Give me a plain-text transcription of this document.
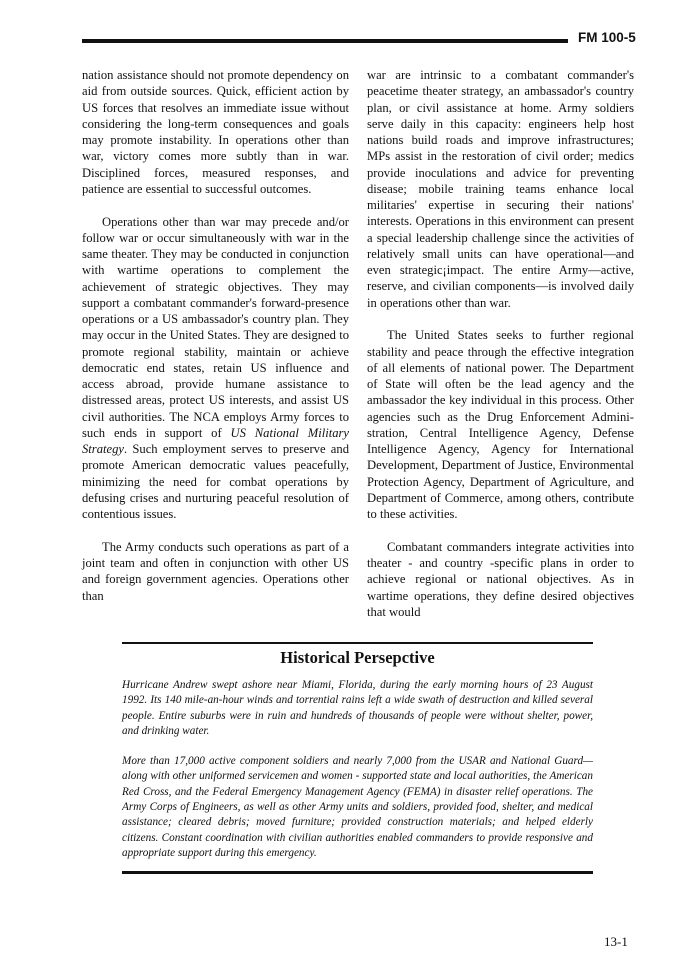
FM 100-5

nation assistance should not promote dependency on aid from outside sources. Quick, efficient action by US forces that resolves an immediate issue without considering the long-term consequences and goals may promote instability. In operations other than war, victory comes more subtly than in war. Disciplined forces, measured responses, and patience are essential to successful outcomes.

Operations other than war may precede and/or follow war or occur simultaneously with war in the same theater. They may be conducted in conjunction with wartime operations to complement the achievement of strategic objectives. They may support a combatant commander's forward-presence operations or a US ambassador's country plan. They may occur in the United States. They are designed to promote regional stability, maintain or achieve democratic end states, retain US influence and access abroad, provide humane assistance to distressed areas, protect US interests, and assist US civil authorities. The NCA employs Army forces to such ends in support of US National Military Strategy. Such employment serves to preserve and promote American democratic values peacefully, minimizing the need for combat operations by defusing crises and nurturing peaceful resolution of contentious issues.

The Army conducts such operations as part of a joint team and often in conjunction with other US and foreign government agencies. Operations other than

war are intrinsic to a combatant commander's peacetime theater strategy, an ambassador's country plan, or civil assistance at home. Army soldiers serve daily in this capacity: engineers help host nations build roads and improve infrastructures; MPs assist in the restoration of civil order; medics provide inoculations and advice for preventing disease; mobile training teams enhance local militaries' expertise in securing their nations' interests. Operations in this environment can present a special leadership challenge since the activities of relatively small units can have operational—and even strategic¡impact. The entire Army—active, reserve, and civilian components—is involved daily in operations other than war.

The United States seeks to further regional stability and peace through the effective integration of all elements of national power. The Department of State will often be the lead agency and the ambassador the key individual in this process. Other agencies such as the Drug Enforcement Admini-stration, Central Intelligence Agency, Defense Intelligence Agency, Agency for International Development, Department of Justice, Environmental Protection Agency, Department of Agriculture, and Department of Commerce, among others, contribute to these activities.

Combatant commanders integrate activities into theater - and country -specific plans in order to achieve regional or national objectives. As in wartime operations, they define desired objectives that would

Historical Persepctive

Hurricane Andrew swept ashore near Miami, Florida, during the early morning hours of 23 August 1992. Its 140 mile-an-hour winds and torrential rains left a wide swath of destruction and killed several people. Entire suburbs were in ruin and hundreds of thousands of people were without shelter, power, and drinking water.

More than 17,000 active component soldiers and nearly 7,000 from the USAR and National Guard—along with other uniformed servicemen and women - supported state and local authorities, the American Red Cross, and the Federal Emergency Management Agency (FEMA) in disaster relief operations. The Army Corps of Engineers, as well as other Army units and soldiers, provided food, shelter, and medical assistance; cleared debris; moved furniture; provided construction materials; and helped elderly citizens. Constant coordination with civilian authorities enabled commanders to provide responsive and appropriate support during this emergency.

13-1
